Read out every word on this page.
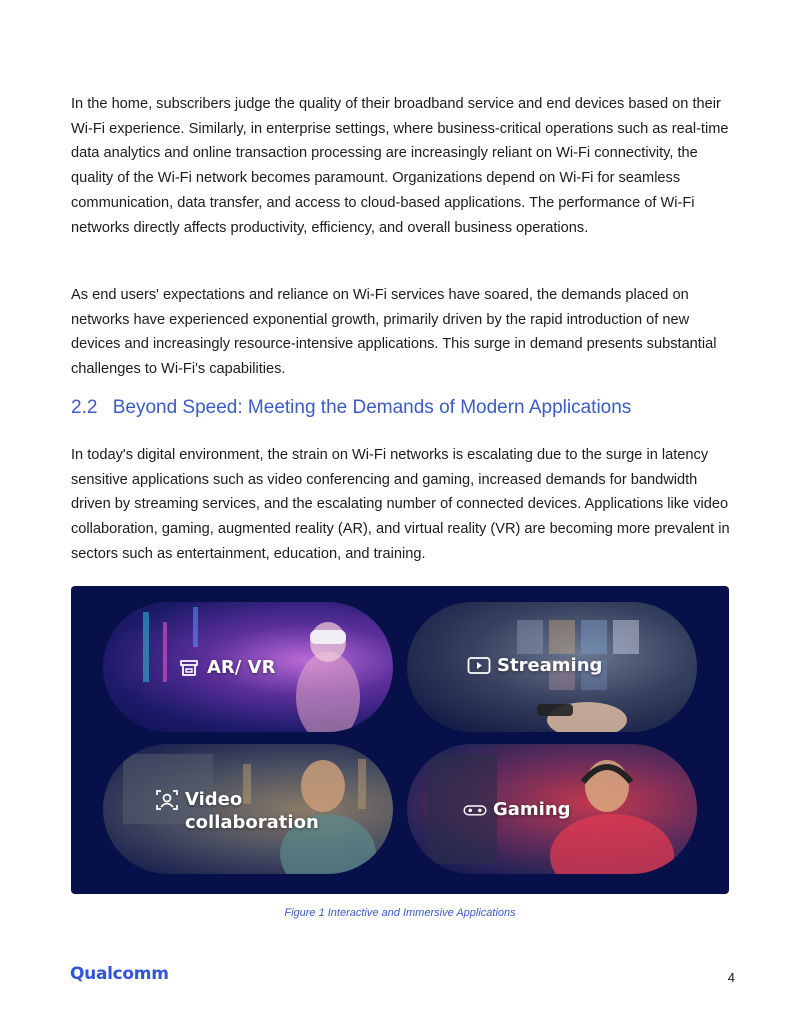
In the home, subscribers judge the quality of their broadband service and end devices based on their Wi-Fi experience. Similarly, in enterprise settings, where business-critical operations such as real-time data analytics and online transaction processing are increasingly reliant on Wi-Fi connectivity, the quality of the Wi-Fi network becomes paramount. Organizations depend on Wi-Fi for seamless communication, data transfer, and access to cloud-based applications. The performance of Wi-Fi networks directly affects productivity, efficiency, and overall business operations.

As end users' expectations and reliance on Wi-Fi services have soared, the demands placed on networks have experienced exponential growth, primarily driven by the rapid introduction of new devices and increasingly resource-intensive applications. This surge in demand presents substantial challenges to Wi-Fi's capabilities.

2.2 Beyond Speed: Meeting the Demands of Modern Applications

In today's digital environment, the strain on Wi-Fi networks is escalating due to the surge in latency sensitive applications such as video conferencing and gaming, increased demands for bandwidth driven by streaming services, and the escalating number of connected devices. Applications like video collaboration, gaming, augmented reality (AR), and virtual reality (VR) are becoming more prevalent in sectors such as entertainment, education, and training.

AR/ VR	Streaming
Video
collaboration
Gaming
Figure 1 Interactive and Immersive Applications
Qualcomm	4
